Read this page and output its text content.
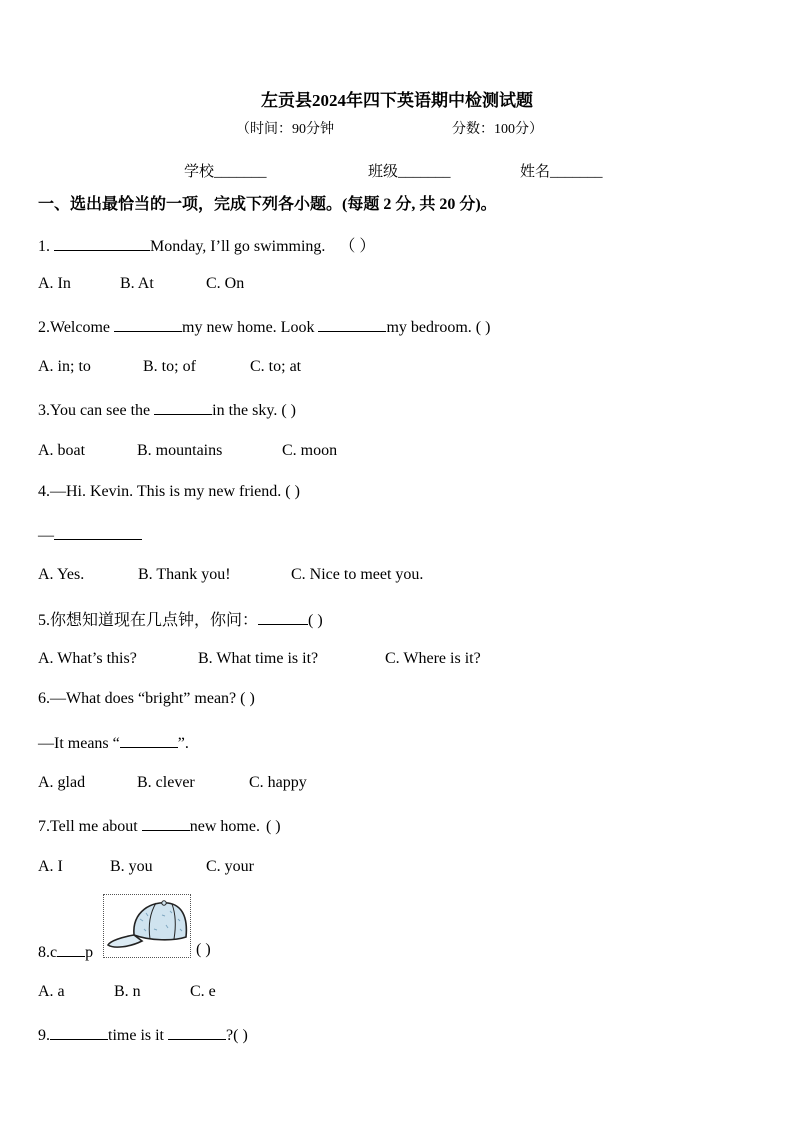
左贡县2024年四下英语期中检测试题
（时间：90分钟	分数：100分）
学校_______	班级_______	姓名_______
一、选出最恰当的一项，完成下列各小题。(每题 2 分, 共 20 分)。
1.	Monday, I’ll go swimming. （ ）
A. In	B. At	C. On
2.Welcome	my new home. Look	my bedroom. ( )
A. in; to	B. to; of	C. to; at
3.You can see the	in the sky. ( )
A. boat	B. mountains	C. moon
4.—Hi. Kevin. This is my new friend. ( )
—
A. Yes.	B. Thank you!	C. Nice to meet you.
5.你想知道现在几点钟，你问：	( )
A. What’s this?	B. What time is it?	C. Where is it?
6.—What does “bright” mean? ( )
—It means “	”.
A. glad	B. clever	C. happy
7.Tell me about	new home. ( )
A. I	B. you	C. your
8.c p	( )
A. a	B. n	C. e
9.	time is it	?( )
